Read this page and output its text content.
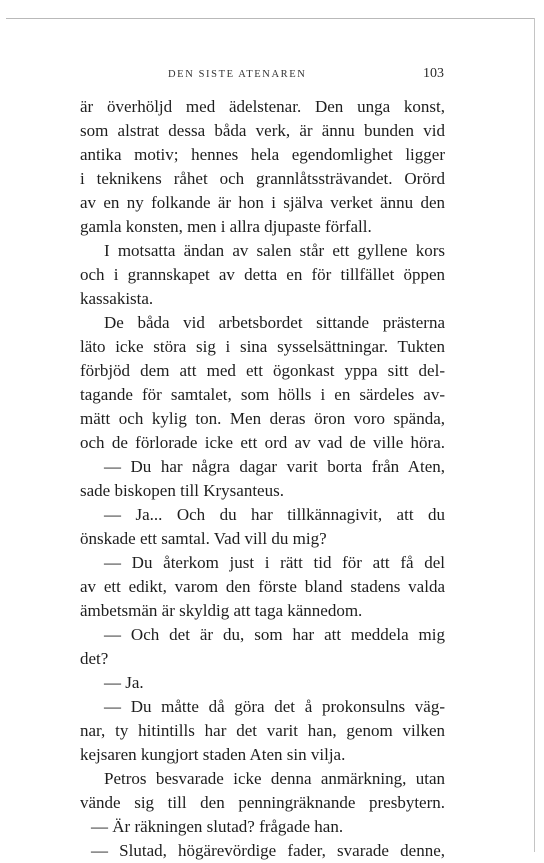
DEN SISTE ATENAREN	103
är överhöljd med ädelstenar. Den unga konst,
som alstrat dessa båda verk, är ännu bunden vid
antika motiv; hennes hela egendomlighet ligger
i teknikens råhet och grannlåtssträvandet. Orörd
av en ny folkande är hon i själva verket ännu den
gamla konsten, men i allra djupaste förfall.
I motsatta ändan av salen står ett gyllene kors
och i grannskapet av detta en för tillfället öppen
kassakista.
De båda vid arbetsbordet sittande prästerna
läto icke störa sig i sina sysselsättningar. Tukten
förbjöd dem att med ett ögonkast yppa sitt del-
tagande för samtalet, som hölls i en särdeles av-
mätt och kylig ton. Men deras öron voro spända,
och de förlorade icke ett ord av vad de ville höra.
— Du har några dagar varit borta från Aten,
sade biskopen till Krysanteus.
— Ja... Och du har tillkännagivit, att du
önskade ett samtal. Vad vill du mig?
— Du återkom just i rätt tid för att få del
av ett edikt, varom den förste bland stadens valda
ämbetsmän är skyldig att taga kännedom.
— Och det är du, som har att meddela mig
det?
— Ja.
— Du måtte då göra det å prokonsulns väg-
nar, ty hitintills har det varit han, genom vilken
kejsaren kungjort staden Aten sin vilja.
Petros besvarade icke denna anmärkning, utan
vände sig till den penningräknande presbytern.
— Är räkningen slutad? frågade han.
— Slutad, högärevördige fader, svarade denne,
